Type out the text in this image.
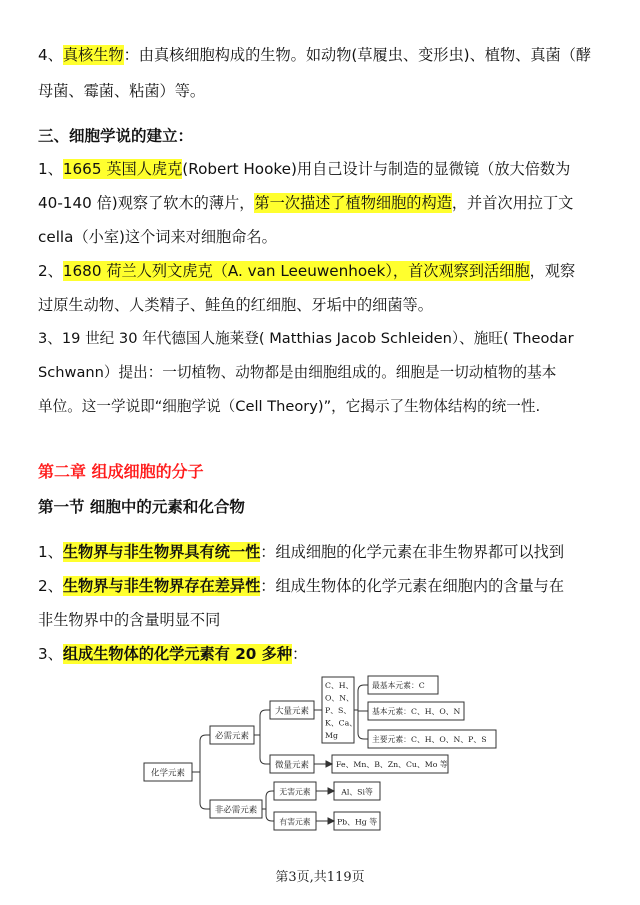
4、真核生物：由真核细胞构成的生物。如动物(草履虫、变形虫)、植物、真菌（酵
母菌、霉菌、粘菌）等。
三、细胞学说的建立：
1、1665 英国人虎克(Robert Hooke)用自己设计与制造的显微镜（放大倍数为
40-140 倍)观察了软木的薄片，第一次描述了植物细胞的构造，并首次用拉丁文
cella（小室)这个词来对细胞命名。
2、1680 荷兰人列文虎克（A. van Leeuwenhoek），首次观察到活细胞，观察
过原生动物、人类精子、鲑鱼的红细胞、牙垢中的细菌等。
3、19 世纪 30 年代德国人施莱登( Matthias Jacob Schleiden）、施旺( Theodar
Schwann）提出：一切植物、动物都是由细胞组成的。细胞是一切动植物的基本
单位。这一学说即“细胞学说（Cell Theory)”，它揭示了生物体结构的统一性.
第二章 组成细胞的分子
第一节 细胞中的元素和化合物
1、生物界与非生物界具有统一性：组成细胞的化学元素在非生物界都可以找到
2、生物界与非生物界存在差异性：组成生物体的化学元素在细胞内的含量与在
非生物界中的含量明显不同
3、组成生物体的化学元素有 20 多种：
化学元素
必需元素
非必需元素
大量元素
微量元素
C、H、
O、N、
P、S、
K、Ca、
Mg
最基本元素：C
基本元素：C、H、O、N
主要元素：C、H、O、N、P、S
Fe、Mn、B、Zn、Cu、Mo 等
无害元素
有害元素
Al、Si等
Pb、Hg 等
第3页,共119页
